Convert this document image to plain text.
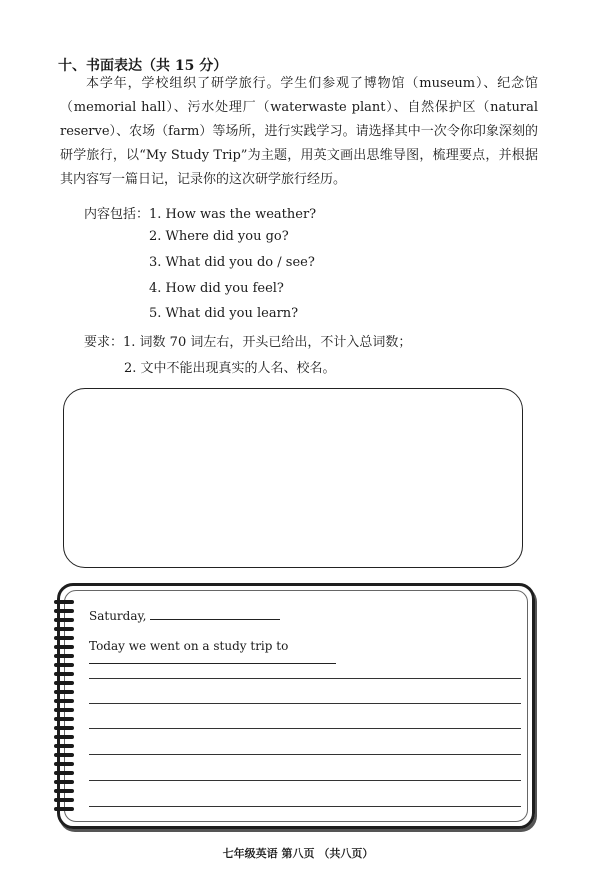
十、书面表达（共 15 分）
本学年，学校组织了研学旅行。学生们参观了博物馆（museum）、纪念馆（memorial hall）、污水处理厂（waterwaste plant）、自然保护区（natural reserve）、农场（farm）等场所，进行实践学习。请选择其中一次令你印象深刻的研学旅行，以“My Study Trip”为主题，用英文画出思维导图，梳理要点，并根据其内容写一篇日记，记录你的这次研学旅行经历。
内容包括：1. How was the weather?
2. Where did you go?
3. What did you do / see?
4. How did you feel?
5. What did you learn?
要求：1. 词数 70 词左右，开头已给出，不计入总词数；
2. 文中不能出现真实的人名、校名。
Saturday,
Today we went on a study trip to
七年级英语 第八页 （共八页）
